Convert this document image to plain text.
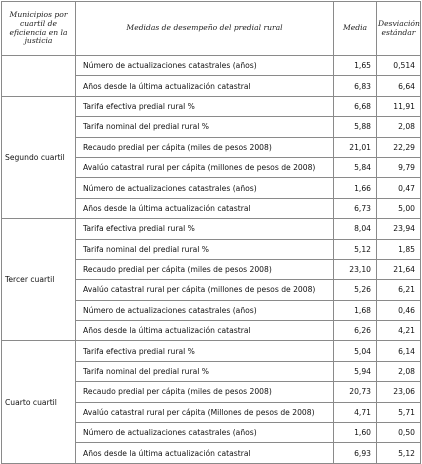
Municipios por cuartil de eficiencia en la justicia	Medidas de desempeño del predial rural	Media	Desviación estándar
	Número de actualizaciones catastrales (años)	1,65	0,514
	Años desde la última actualización catastral	6,83	6,64
Segundo cuartil	Tarifa efectiva predial rural %	6,68	11,91
	Tarifa nominal del predial rural %	5,88	2,08
	Recaudo predial per cápita (miles de pesos 2008)	21,01	22,29
	Avalúo catastral rural per cápita (millones de pesos de 2008)	5,84	9,79
	Número de actualizaciones catastrales (años)	1,66	0,47
	Años desde la última actualización catastral	6,73	5,00
Tercer cuartil	Tarifa efectiva predial rural %	8,04	23,94
	Tarifa nominal del predial rural %	5,12	1,85
	Recaudo predial per cápita (miles de pesos 2008)	23,10	21,64
	Avalúo catastral rural per cápita (millones de pesos de 2008)	5,26	6,21
	Número de actualizaciones catastrales (años)	1,68	0,46
	Años desde la última actualización catastral	6,26	4,21
Cuarto cuartil	Tarifa efectiva predial rural %	5,04	6,14
	Tarifa nominal del predial rural %	5,94	2,08
	Recaudo predial per cápita (miles de pesos 2008)	20,73	23,06
	Avalúo catastral rural per cápita (Millones de pesos de 2008)	4,71	5,71
	Número de actualizaciones catastrales (años)	1,60	0,50
	Años desde la última actualización catastral	6,93	5,12
